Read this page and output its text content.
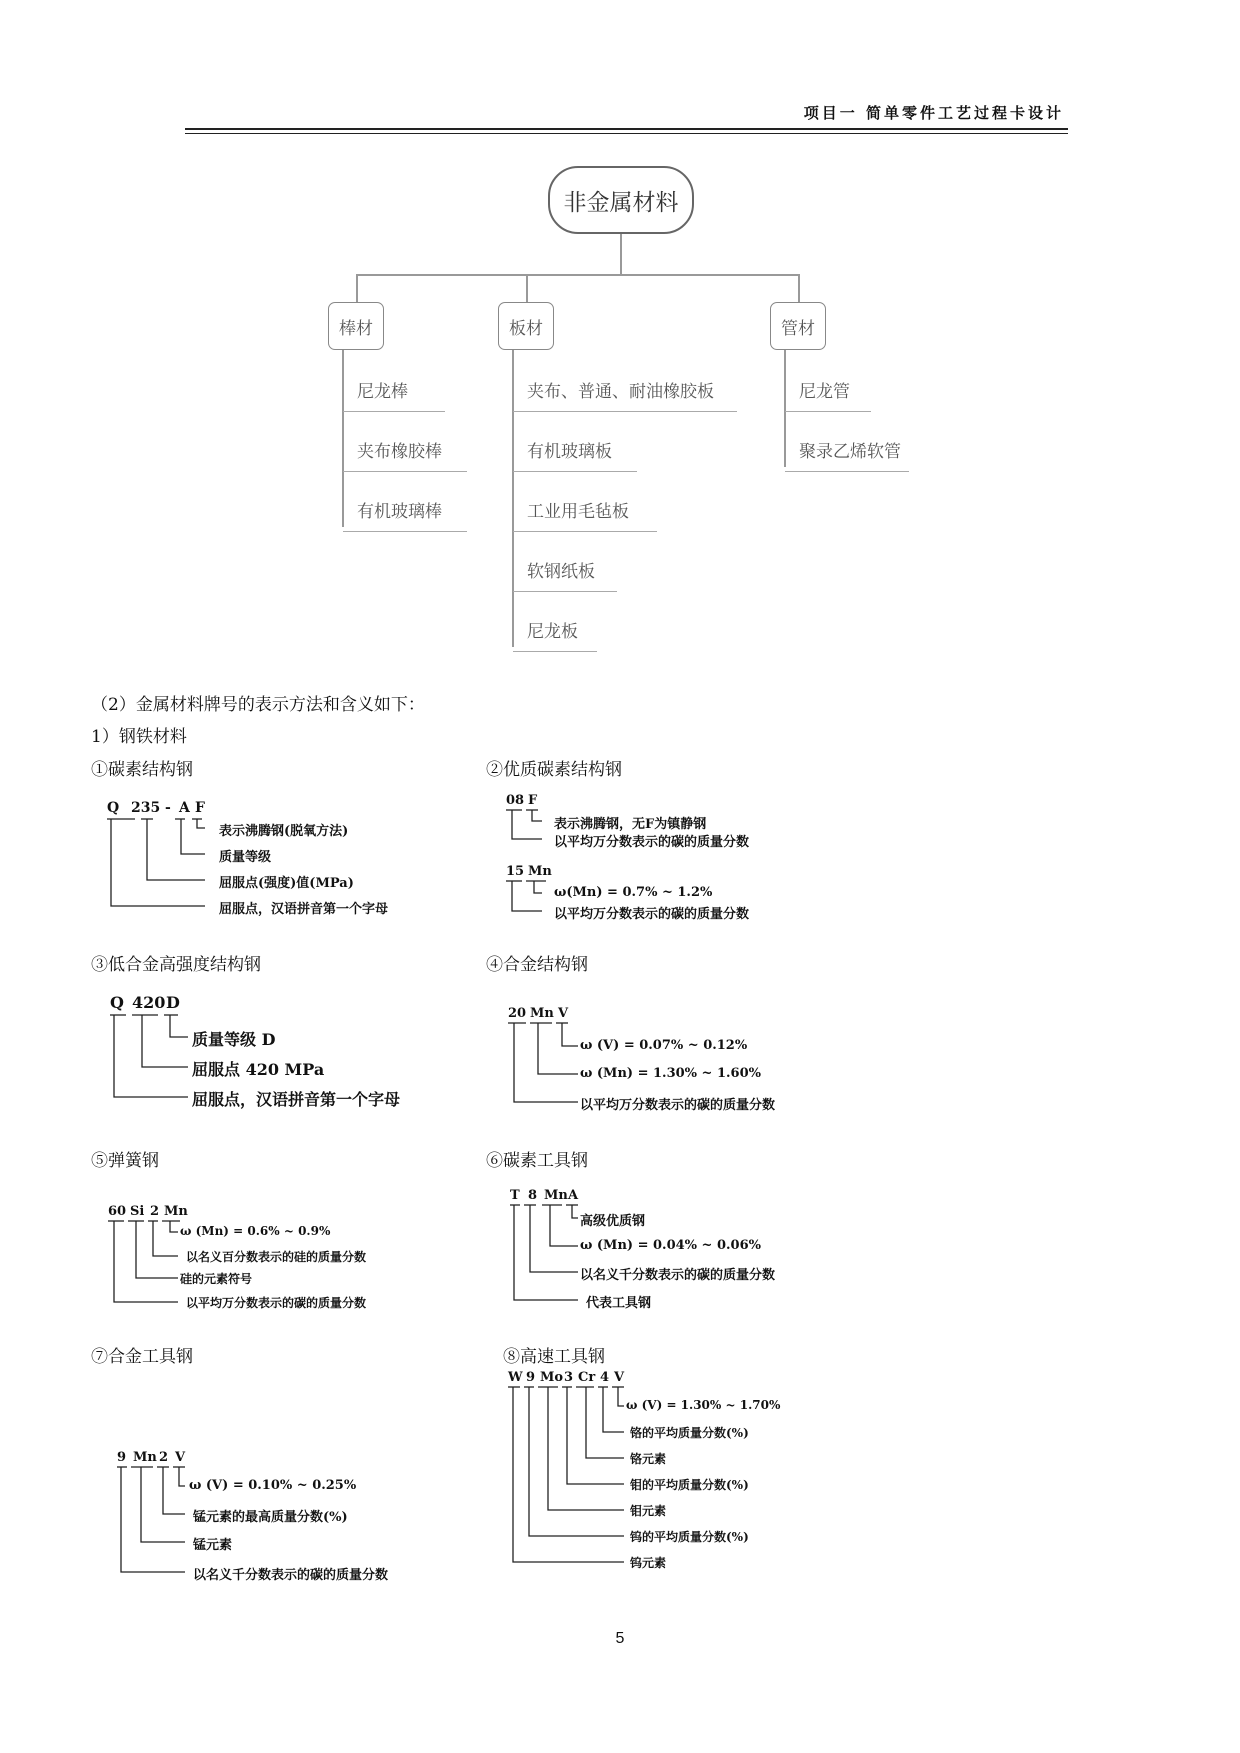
项目一 简单零件工艺过程卡设计
非金属材料
棒材
尼龙棒
夹布橡胶棒
有机玻璃棒
板材
夹布、普通、耐油橡胶板
有机玻璃板
工业用毛毡板
软钢纸板
尼龙板
管材
尼龙管
聚录乙烯软管
（2）金属材料牌号的表示方法和含义如下：
1）钢铁材料
①碳素结构钢
Q 235 - A F
表示沸腾钢(脱氧方法)
质量等级
屈服点(强度)值(MPa)
屈服点，汉语拼音第一个字母
②优质碳素结构钢
08 F
表示沸腾钢，无F为镇静钢
以平均万分数表示的碳的质量分数
15 Mn
ω(Mn) = 0.7% ~ 1.2%
以平均万分数表示的碳的质量分数
③低合金高强度结构钢
Q 420 D
质量等级 D
屈服点 420 MPa
屈服点，汉语拼音第一个字母
④合金结构钢
20 Mn V
ω (V) = 0.07% ~ 0.12%
ω (Mn) = 1.30% ~ 1.60%
以平均万分数表示的碳的质量分数
⑤弹簧钢
60 Si 2 Mn
ω (Mn) = 0.6% ~ 0.9%
以名义百分数表示的硅的质量分数
硅的元素符号
以平均万分数表示的碳的质量分数
⑥碳素工具钢
T 8 Mn A
高级优质钢
ω (Mn) = 0.04% ~ 0.06%
以名义千分数表示的碳的质量分数
代表工具钢
⑦合金工具钢
9 Mn 2 V
ω (V) = 0.10% ~ 0.25%
锰元素的最高质量分数(%)
锰元素
以名义千分数表示的碳的质量分数
⑧高速工具钢
W 9 Mo 3 Cr 4 V
ω (V) = 1.30% ~ 1.70%
铬的平均质量分数(%)
铬元素
钼的平均质量分数(%)
钼元素
钨的平均质量分数(%)
钨元素
5
